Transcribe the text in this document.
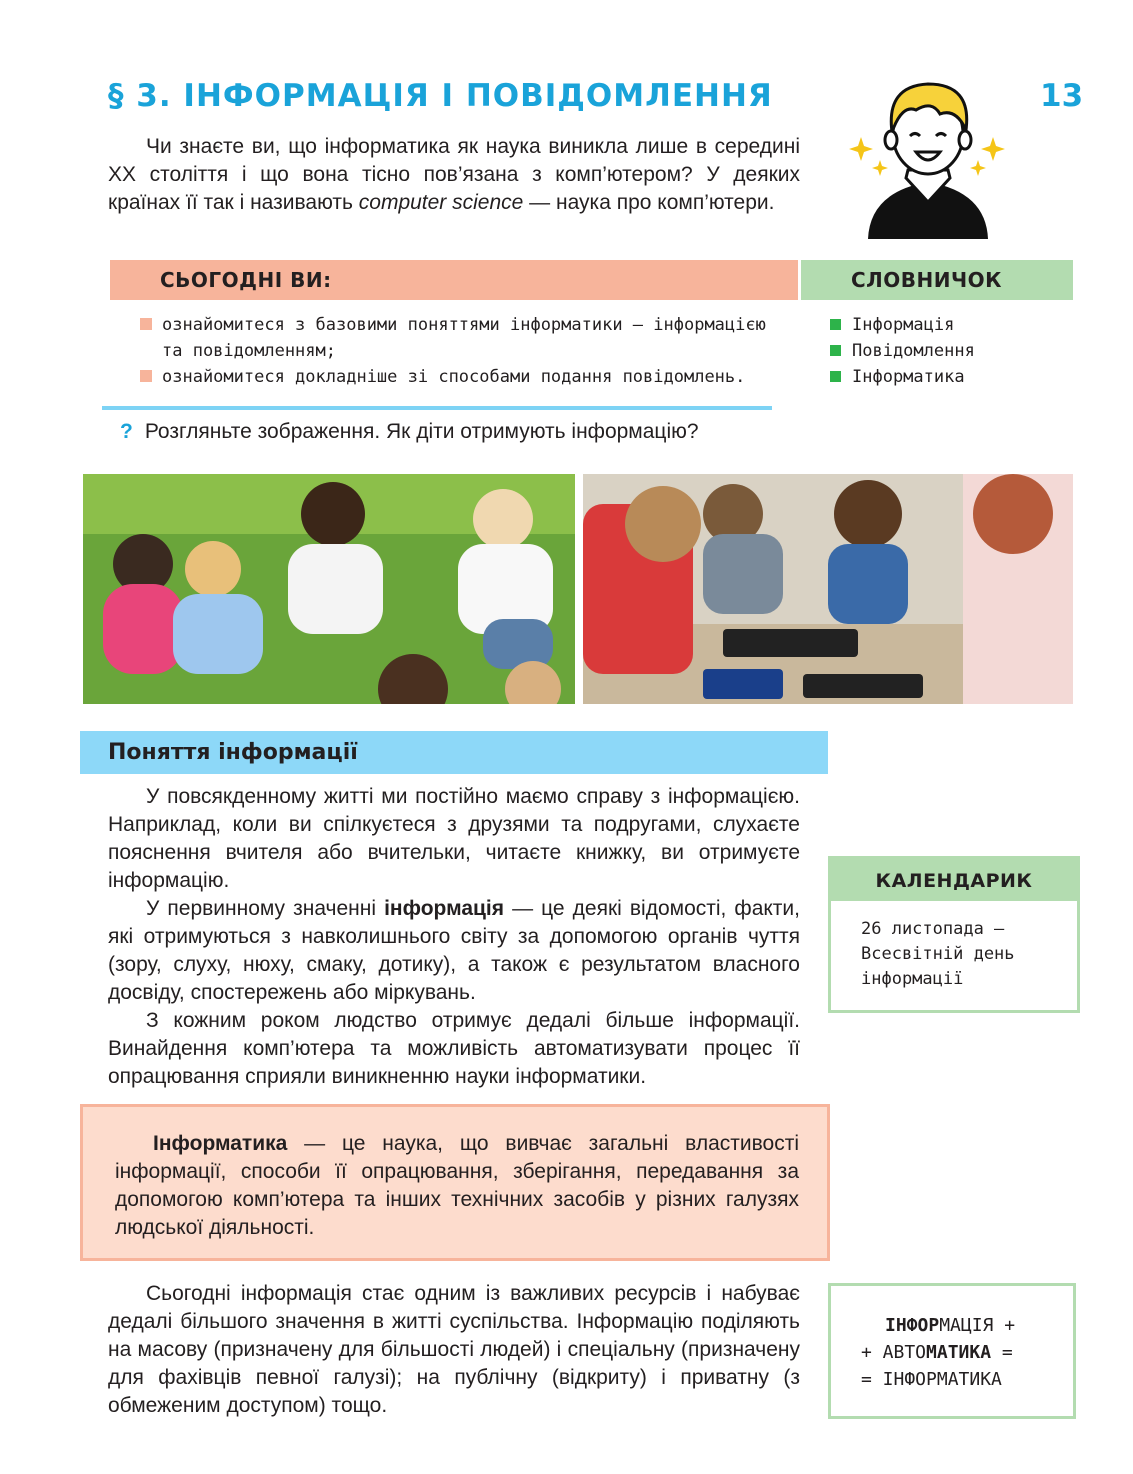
§ 3. ІНФОРМАЦІЯ І ПОВІДОМЛЕННЯ	13

Чи знаєте ви, що інформатика як наука виникла лише в середині XX століття і що вона тісно пов’язана з комп’ютером? У деяких країнах її так і називають computer science — наука про комп’ютери.

СЬОГОДНІ ВИ:	СЛОВНИЧОК
ознайомитеся з базовими поняттями інформатики — інформацією та повідомленням;
ознайомитеся докладніше зі способами подання повідомлень.
Інформація
Повідомлення
Інформатика
? Розгляньте зображення. Як діти отримують інформацію?
Поняття інформації

У повсякденному житті ми постійно маємо справу з інформацією. Наприклад, коли ви спілкуєтеся з друзями та подругами, слухаєте пояснення вчителя або вчительки, читаєте книжку, ви отримуєте інформацію.

У первинному значенні інформація — це деякі відомості, факти, які отримуються з навколишнього світу за допомогою органів чуття (зору, слуху, нюху, смаку, дотику), а також є результатом власного досвіду, спостережень або міркувань.

З кожним роком людство отримує дедалі більше інформації. Винайдення комп’ютера та можливість автоматизувати процес її опрацювання сприяли виникненню науки інформатики.

КАЛЕНДАРИК
26 листопада —
Всесвітній день
інформації

Інформатика — це наука, що вивчає загальні властивості інформації, способи її опрацювання, зберігання, передавання за допомогою комп’ютера та інших технічних засобів у різних галузях людської діяльності.

Сьогодні інформація стає одним із важливих ресурсів і набуває дедалі більшого значення в житті суспільства. Інформацію поділяють на масову (призначену для більшості людей) і спеціальну (призначену для фахівців певної галузі); на публічну (відкриту) і приватну (з обмеженим доступом) тощо.

ІНФОРМАЦІЯ +
+ АВТОМАТИКА =
= ІНФОРМАТИКА
